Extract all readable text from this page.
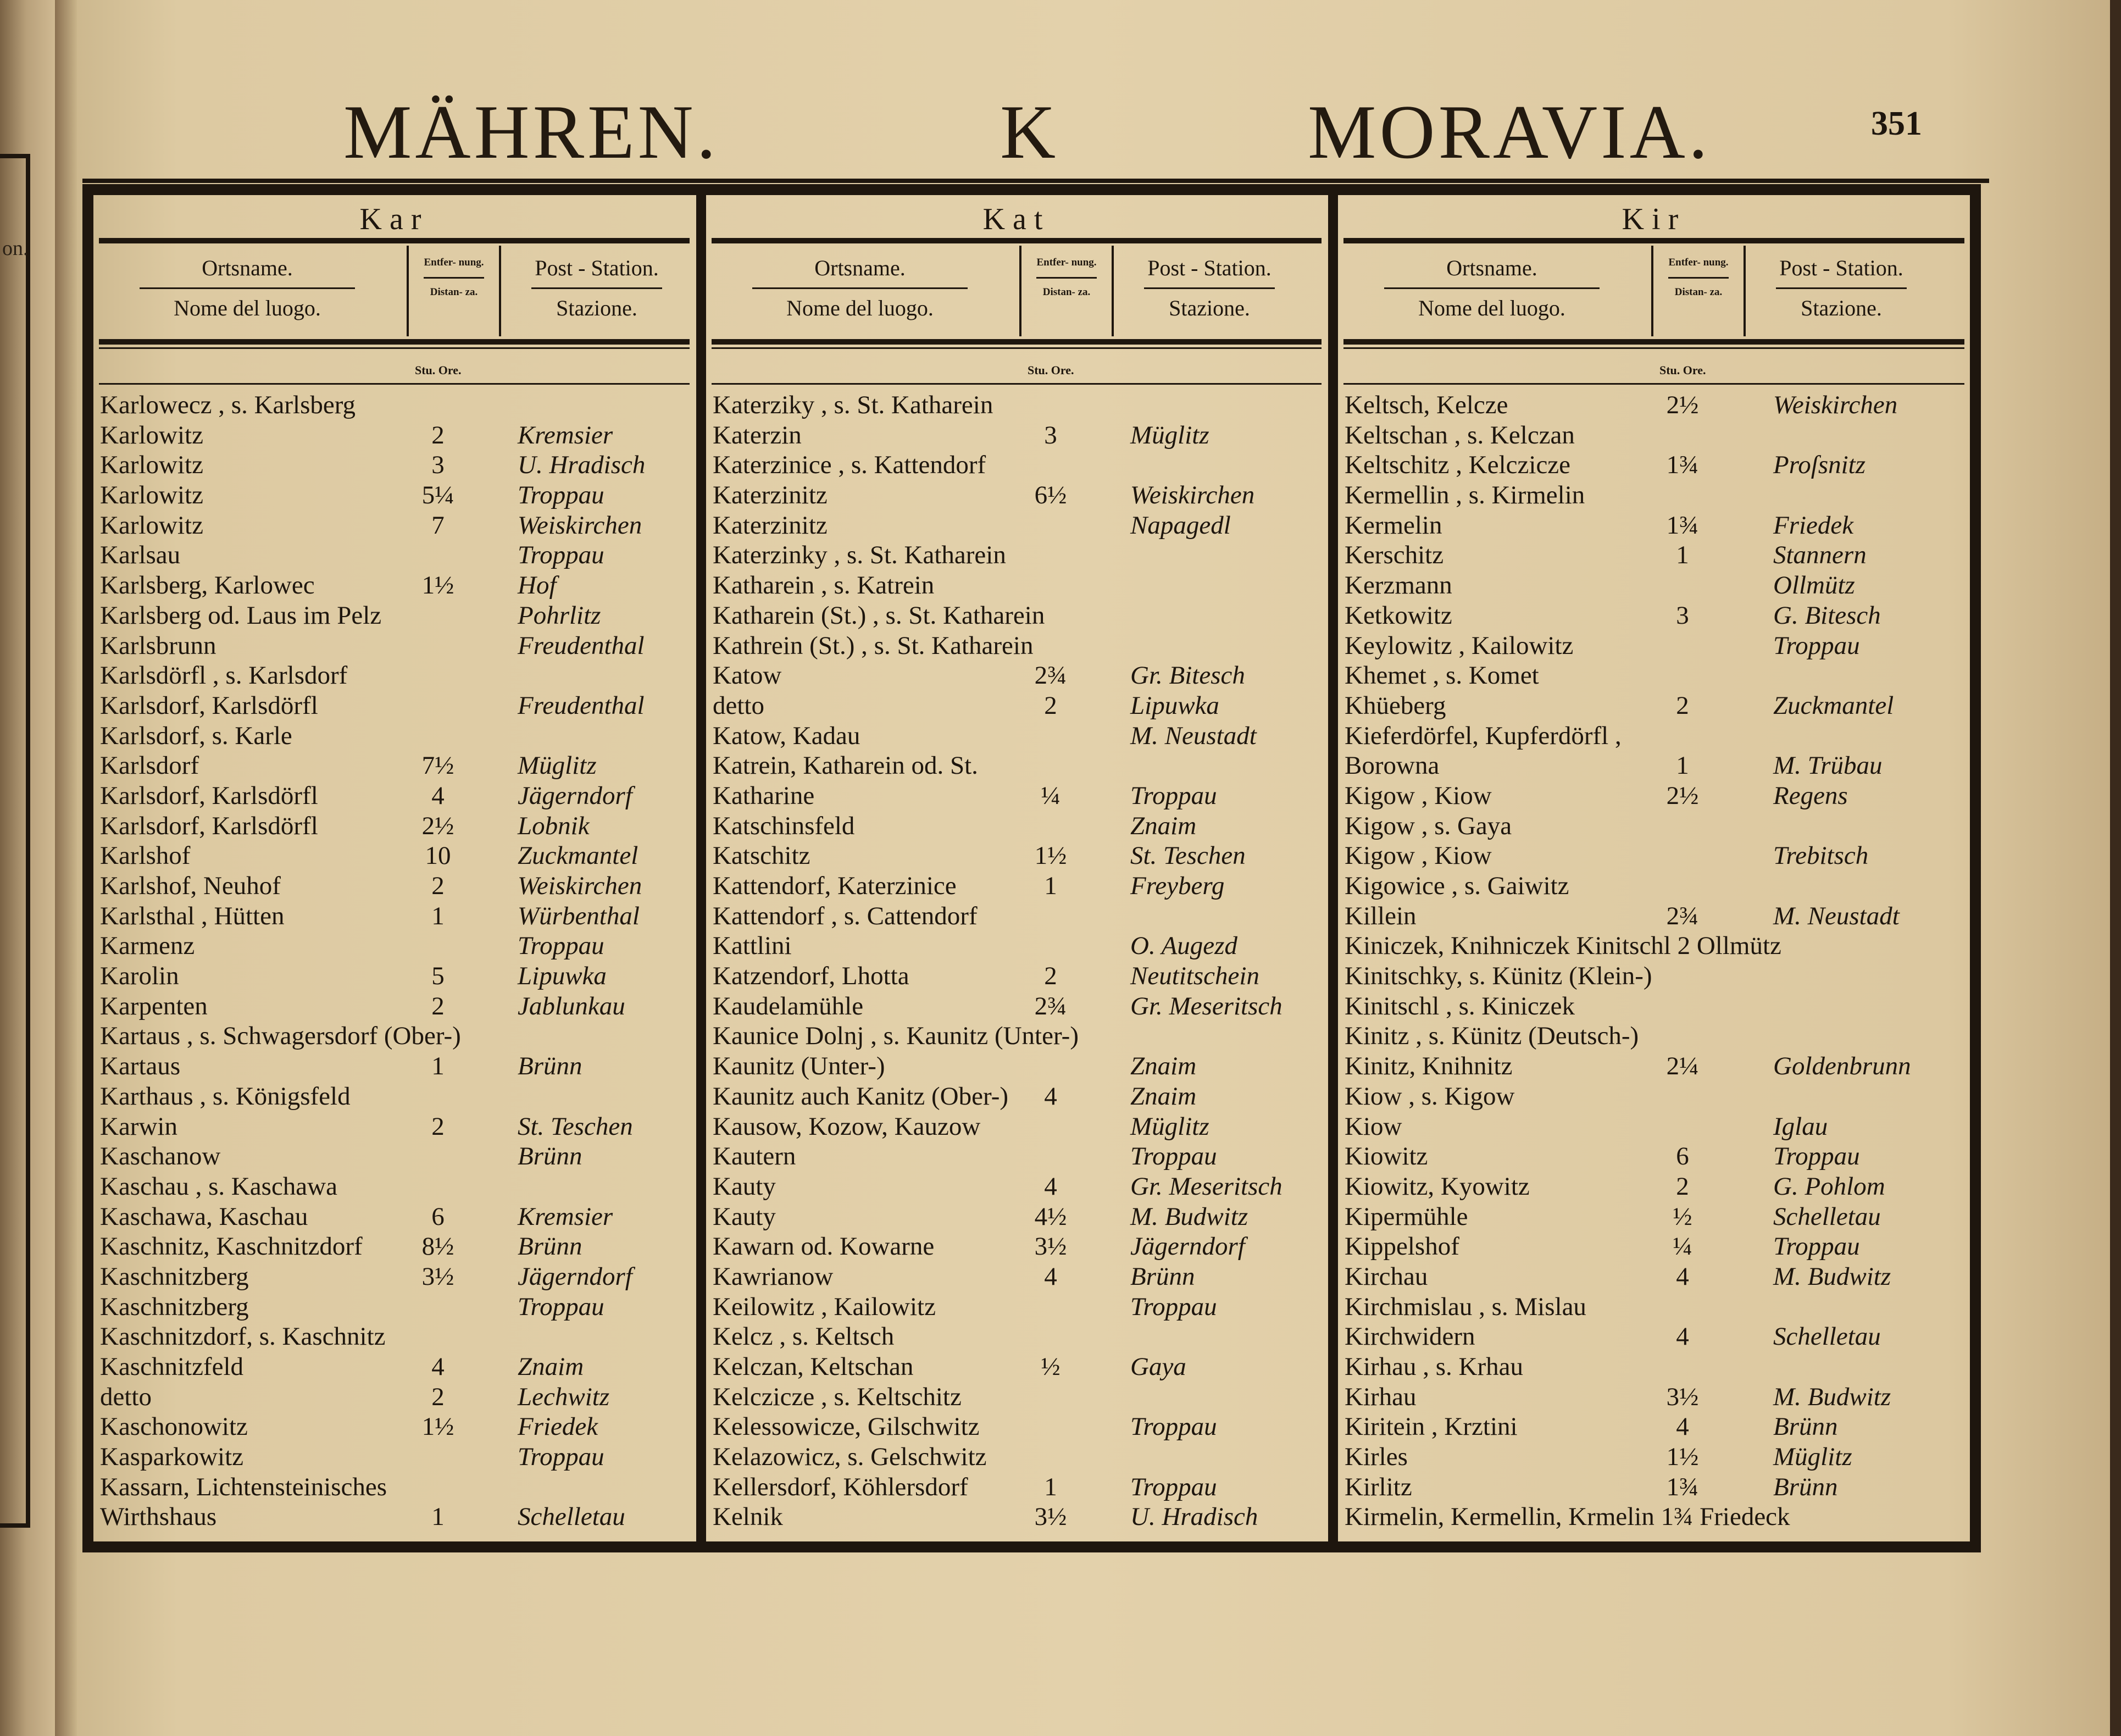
on.
MÄHREN.	K	MORAVIA.	351
Kar
Ortsname.
Nome del luogo.
Entfer- nung.
Distan- za.
Post - Station.
Stazione.
Stu. Ore.
Karlowecz , s. Karlsberg
Karlowitz	2	Kremsier
Karlowitz	3	U. Hradisch
Karlowitz	5¼	Troppau
Karlowitz	7	Weiskirchen
Karlsau	Troppau
Karlsberg, Karlowec	1½	Hof
Karlsberg od. Laus im Pelz	Pohrlitz
Karlsbrunn	Freudenthal
Karlsdörfl , s. Karlsdorf
Karlsdorf, Karlsdörfl	Freudenthal
Karlsdorf, s. Karle
Karlsdorf	7½	Müglitz
Karlsdorf, Karlsdörfl	4	Jägerndorf
Karlsdorf, Karlsdörfl	2½	Lobnik
Karlshof	10	Zuckmantel
Karlshof, Neuhof	2	Weiskirchen
Karlsthal , Hütten	1	Würbenthal
Karmenz	Troppau
Karolin	5	Lipuwka
Karpenten	2	Jablunkau
Kartaus , s. Schwagersdorf (Ober-)
Kartaus	1	Brünn
Karthaus , s. Königsfeld
Karwin	2	St. Teschen
Kaschanow	Brünn
Kaschau , s. Kaschawa
Kaschawa, Kaschau	6	Kremsier
Kaschnitz, Kaschnitzdorf	8½	Brünn
Kaschnitzberg	3½	Jägerndorf
Kaschnitzberg	Troppau
Kaschnitzdorf, s. Kaschnitz
Kaschnitzfeld	4	Znaim
detto	2	Lechwitz
Kaschonowitz	1½	Friedek
Kasparkowitz	Troppau
Kassarn, Lichtensteinisches
Wirthshaus	1	Schelletau
Kat
Ortsname.
Nome del luogo.
Entfer- nung.
Distan- za.
Post - Station.
Stazione.
Stu. Ore.
Katerziky , s. St. Katharein
Katerzin	3	Müglitz
Katerzinice , s. Kattendorf
Katerzinitz	6½	Weiskirchen
Katerzinitz	Napagedl
Katerzinky , s. St. Katharein
Katharein , s. Katrein
Katharein (St.) , s. St. Katharein
Kathrein (St.) , s. St. Katharein
Katow	2¾	Gr. Bitesch
detto	2	Lipuwka
Katow, Kadau	M. Neustadt
Katrein, Katharein od. St.
Katharine	¼	Troppau
Katschinsfeld	Znaim
Katschitz	1½	St. Teschen
Kattendorf, Katerzinice	1	Freyberg
Kattendorf , s. Cattendorf
Kattlini	O. Augezd
Katzendorf, Lhotta	2	Neutitschein
Kaudelamühle	2¾	Gr. Meseritsch
Kaunice Dolnj , s. Kaunitz (Unter-)
Kaunitz (Unter-)	Znaim
Kaunitz auch Kanitz (Ober-)	4	Znaim
Kausow, Kozow, Kauzow	Müglitz
Kautern	Troppau
Kauty	4	Gr. Meseritsch
Kauty	4½	M. Budwitz
Kawarn od. Kowarne	3½	Jägerndorf
Kawrianow	4	Brünn
Keilowitz , Kailowitz	Troppau
Kelcz , s. Keltsch
Kelczan, Keltschan	½	Gaya
Kelczicze , s. Keltschitz
Kelessowicze, Gilschwitz	Troppau
Kelazowicz, s. Gelschwitz
Kellersdorf, Köhlersdorf	1	Troppau
Kelnik	3½	U. Hradisch
Kir
Ortsname.
Nome del luogo.
Entfer- nung.
Distan- za.
Post - Station.
Stazione.
Stu. Ore.
Keltsch, Kelcze	2½	Weiskirchen
Keltschan , s. Kelczan
Keltschitz , Kelczicze	1¾	Proſsnitz
Kermellin , s. Kirmelin
Kermelin	1¾	Friedek
Kerschitz	1	Stannern
Kerzmann	Ollmütz
Ketkowitz	3	G. Bitesch
Keylowitz , Kailowitz	Troppau
Khemet , s. Komet
Khüeberg	2	Zuckmantel
Kieferdörfel, Kupferdörfl ,
Borowna	1	M. Trübau
Kigow , Kiow	2½	Regens
Kigow , s. Gaya
Kigow , Kiow	Trebitsch
Kigowice , s. Gaiwitz
Killein	2¾	M. Neustadt
Kiniczek, Knihniczek Kinitschl 2 Ollmütz
Kinitschky, s. Künitz (Klein-)
Kinitschl , s. Kiniczek
Kinitz , s. Künitz (Deutsch-)
Kinitz, Knihnitz	2¼	Goldenbrunn
Kiow , s. Kigow
Kiow	Iglau
Kiowitz	6	Troppau
Kiowitz, Kyowitz	2	G. Pohlom
Kipermühle	½	Schelletau
Kippelshof	¼	Troppau
Kirchau	4	M. Budwitz
Kirchmislau , s. Mislau
Kirchwidern	4	Schelletau
Kirhau , s. Krhau
Kirhau	3½	M. Budwitz
Kiritein , Krztini	4	Brünn
Kirles	1½	Müglitz
Kirlitz	1¾	Brünn
Kirmelin, Kermellin, Krmelin 1¾ Friedeck
